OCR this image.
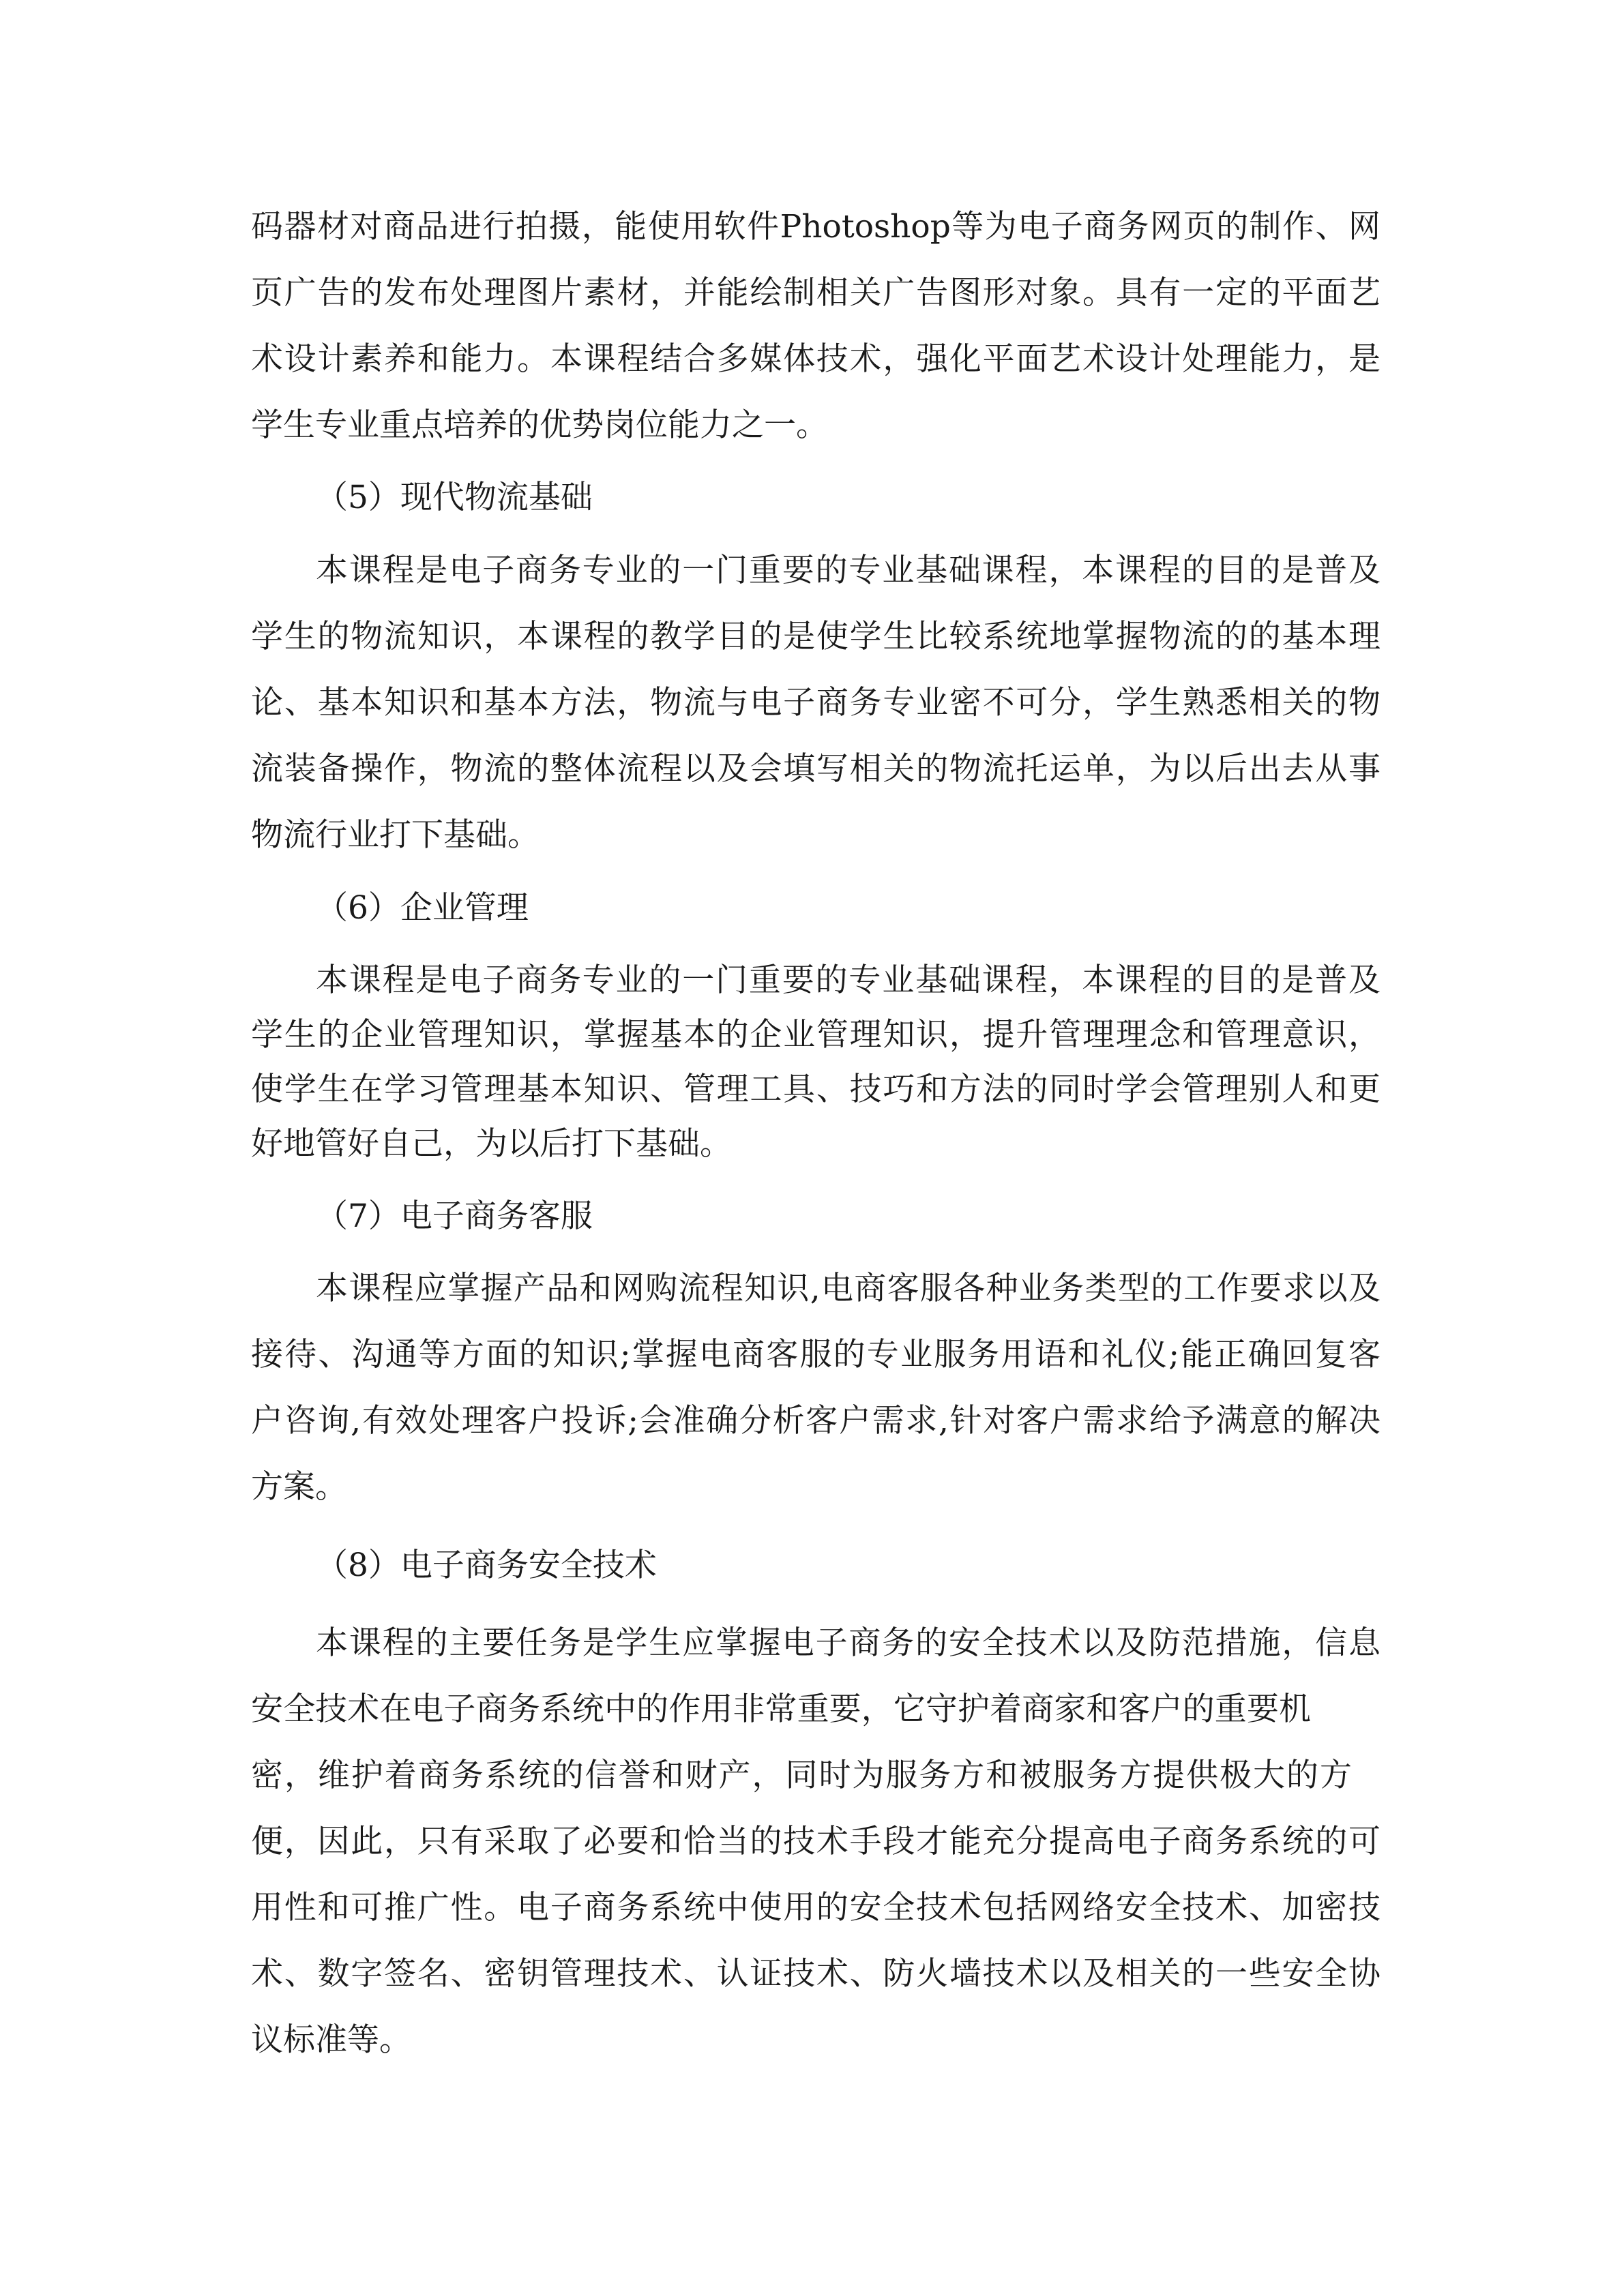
码器材对商品进行拍摄，能使用软件Photoshop等为电子商务网页的制作、网
页广告的发布处理图片素材，并能绘制相关广告图形对象。具有一定的平面艺
术设计素养和能力。本课程结合多媒体技术，强化平面艺术设计处理能力，是
学生专业重点培养的优势岗位能力之一。
（5）现代物流基础
本课程是电子商务专业的一门重要的专业基础课程，本课程的目的是普及
学生的物流知识，本课程的教学目的是使学生比较系统地掌握物流的的基本理
论、基本知识和基本方法，物流与电子商务专业密不可分，学生熟悉相关的物
流装备操作，物流的整体流程以及会填写相关的物流托运单，为以后出去从事
物流行业打下基础。
（6）企业管理
本课程是电子商务专业的一门重要的专业基础课程，本课程的目的是普及
学生的企业管理知识，掌握基本的企业管理知识，提升管理理念和管理意识，
使学生在学习管理基本知识、管理工具、技巧和方法的同时学会管理别人和更
好地管好自己，为以后打下基础。
（7）电子商务客服
本课程应掌握产品和网购流程知识,电商客服各种业务类型的工作要求以及
接待、沟通等方面的知识;掌握电商客服的专业服务用语和礼仪;能正确回复客
户咨询,有效处理客户投诉;会准确分析客户需求,针对客户需求给予满意的解决
方案。
（8）电子商务安全技术
本课程的主要任务是学生应掌握电子商务的安全技术以及防范措施，信息
安全技术在电子商务系统中的作用非常重要，它守护着商家和客户的重要机
密，维护着商务系统的信誉和财产，同时为服务方和被服务方提供极大的方
便，因此，只有采取了必要和恰当的技术手段才能充分提高电子商务系统的可
用性和可推广性。电子商务系统中使用的安全技术包括网络安全技术、加密技
术、数字签名、密钥管理技术、认证技术、防火墙技术以及相关的一些安全协
议标准等。
